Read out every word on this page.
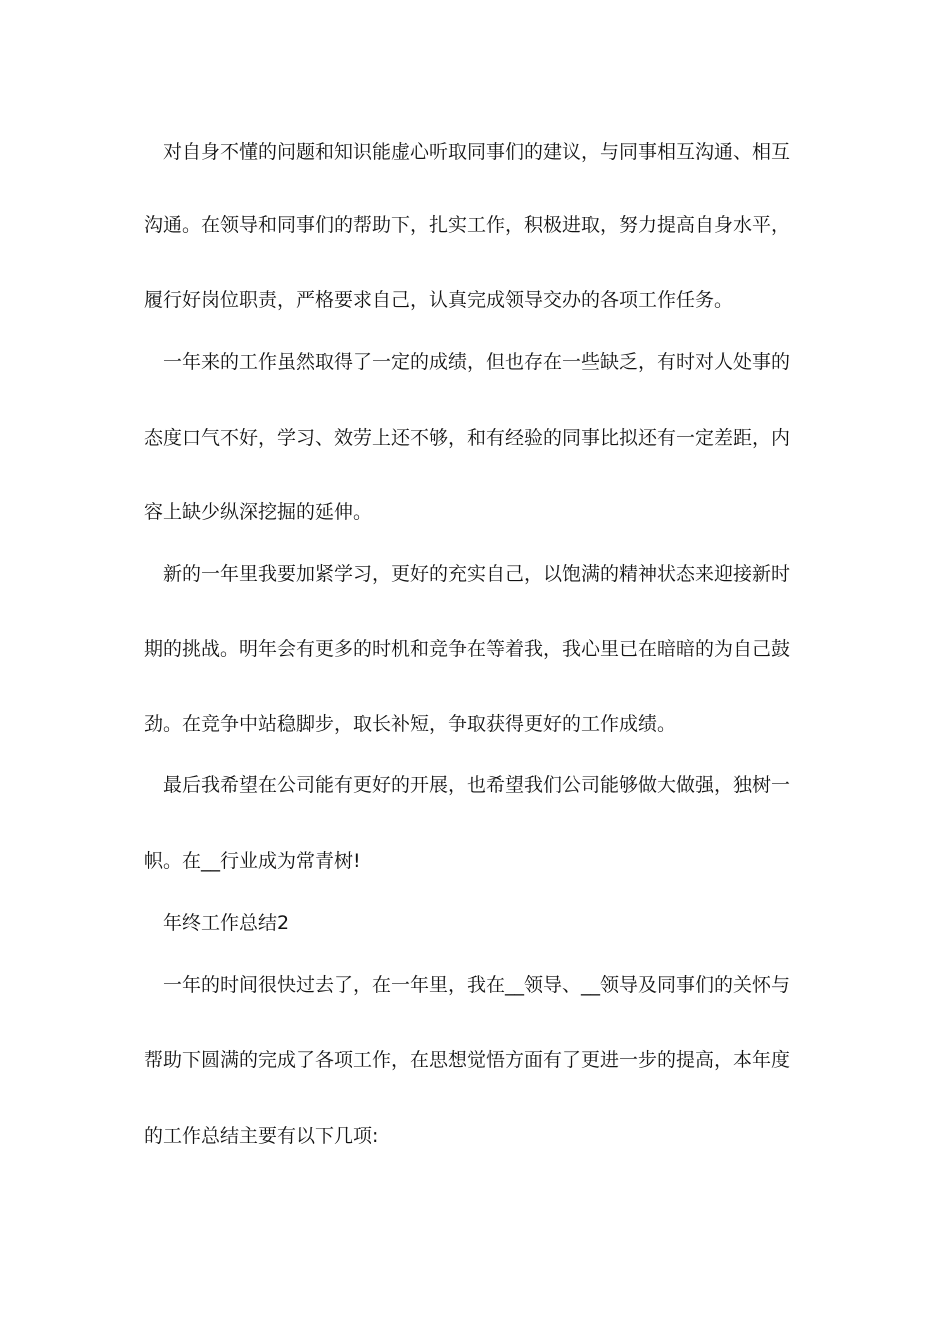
对自身不懂的问题和知识能虚心听取同事们的建议，与同事相互沟通、相互
沟通。在领导和同事们的帮助下，扎实工作，积极进取，努力提高自身水平，
履行好岗位职责，严格要求自己，认真完成领导交办的各项工作任务。
一年来的工作虽然取得了一定的成绩，但也存在一些缺乏，有时对人处事的
态度口气不好，学习、效劳上还不够，和有经验的同事比拟还有一定差距，内
容上缺少纵深挖掘的延伸。
新的一年里我要加紧学习，更好的充实自己，以饱满的精神状态来迎接新时
期的挑战。明年会有更多的时机和竞争在等着我，我心里已在暗暗的为自己鼓
劲。在竞争中站稳脚步，取长补短，争取获得更好的工作成绩。
最后我希望在公司能有更好的开展，也希望我们公司能够做大做强，独树一
帜。在__行业成为常青树!
年终工作总结2
一年的时间很快过去了，在一年里，我在__领导、__领导及同事们的关怀与
帮助下圆满的完成了各项工作，在思想觉悟方面有了更进一步的提高，本年度
的工作总结主要有以下几项:
